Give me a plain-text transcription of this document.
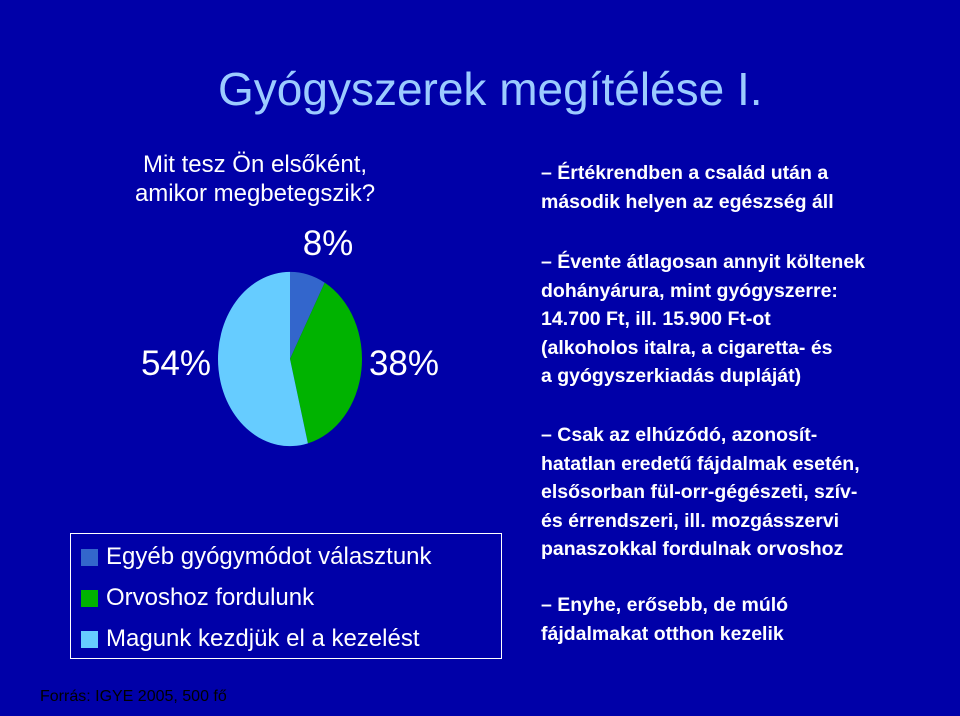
Gyógyszerek megítélése I.
Mit tesz Ön elsőként,
amikor megbetegszik?
8%
38%
54%
Egyéb gyógymódot választunk
Orvoshoz fordulunk
Magunk kezdjük el a kezelést
Forrás: IGYE 2005, 500 fő
– Értékrendben a család után a
második helyen az egészség áll
– Évente átlagosan annyit költenek
dohányárura, mint gyógyszerre:
14.700 Ft, ill. 15.900 Ft-ot
(alkoholos italra, a cigaretta- és
a gyógyszerkiadás dupláját)
– Csak az elhúzódó, azonosít-
hatatlan eredetű fájdalmak esetén,
elsősorban fül-orr-gégészeti, szív-
és érrendszeri, ill. mozgásszervi
panaszokkal fordulnak orvoshoz
– Enyhe, erősebb, de múló
fájdalmakat otthon kezelik
